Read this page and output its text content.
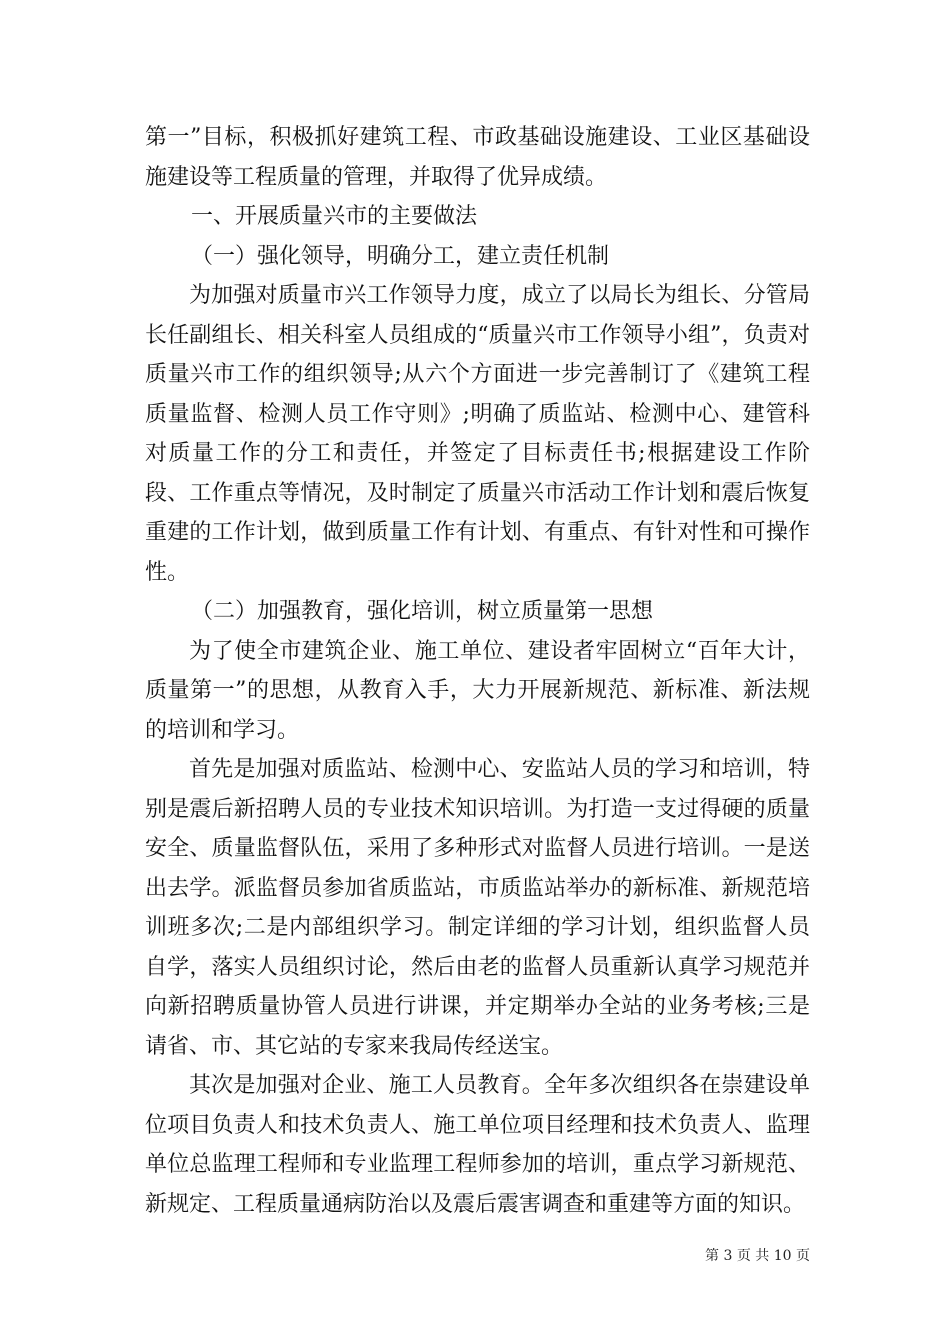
第一”目标，积极抓好建筑工程、市政基础设施建设、工业区基础设施建设等工程质量的管理，并取得了优异成绩。

一、开展质量兴市的主要做法

（一）强化领导，明确分工，建立责任机制

为加强对质量市兴工作领导力度，成立了以局长为组长、分管局长任副组长、相关科室人员组成的“质量兴市工作领导小组”，负责对质量兴市工作的组织领导;从六个方面进一步完善制订了《建筑工程质量监督、检测人员工作守则》;明确了质监站、检测中心、建管科对质量工作的分工和责任，并签定了目标责任书;根据建设工作阶段、工作重点等情况，及时制定了质量兴市活动工作计划和震后恢复重建的工作计划，做到质量工作有计划、有重点、有针对性和可操作性。

（二）加强教育，强化培训，树立质量第一思想

为了使全市建筑企业、施工单位、建设者牢固树立“百年大计，质量第一”的思想，从教育入手，大力开展新规范、新标准、新法规的培训和学习。

首先是加强对质监站、检测中心、安监站人员的学习和培训，特别是震后新招聘人员的专业技术知识培训。为打造一支过得硬的质量安全、质量监督队伍，采用了多种形式对监督人员进行培训。一是送出去学。派监督员参加省质监站，市质监站举办的新标准、新规范培训班多次;二是内部组织学习。制定详细的学习计划，组织监督人员自学，落实人员组织讨论，然后由老的监督人员重新认真学习规范并向新招聘质量协管人员进行讲课，并定期举办全站的业务考核;三是请省、市、其它站的专家来我局传经送宝。

其次是加强对企业、施工人员教育。全年多次组织各在崇建设单位项目负责人和技术负责人、施工单位项目经理和技术负责人、监理单位总监理工程师和专业监理工程师参加的培训，重点学习新规范、新规定、工程质量通病防治以及震后震害调查和重建等方面的知识。

第 3 页 共 10 页
